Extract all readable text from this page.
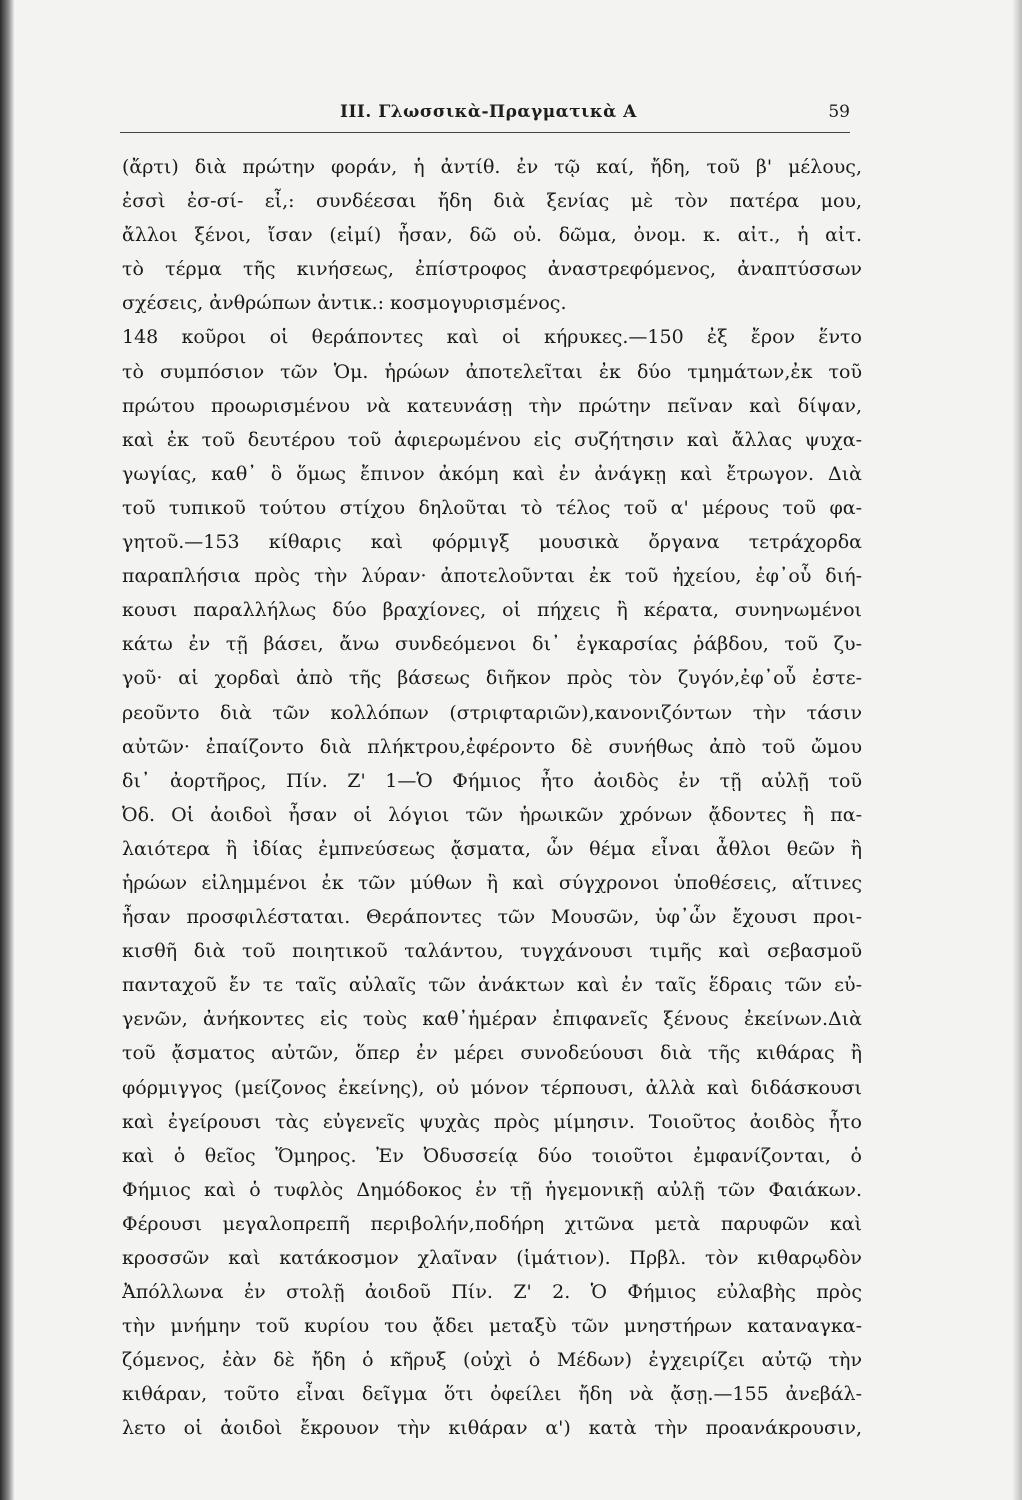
III. Γλωσσικὰ-Πραγματικὰ Α	59
(ἄρτι) διὰ πρώτην φοράν, ἡ ἀντίθ. ἐν τῷ καί, ἤδη, τοῦ β' μέλους,
ἐσσὶ ἐσ-σί- εἶ,: συνδέεσαι ἤδη διὰ ξενίας μὲ τὸν πατέρα μου,
ἄλλοι ξένοι, ἴσαν (εἰμί) ἦσαν, δῶ οὐ. δῶμα, ὀνομ. κ. αἰτ., ἡ αἰτ.
τὸ τέρμα τῆς κινήσεως, ἐπίστροφος ἀναστρεφόμενος, ἀναπτύσσων
σχέσεις, ἀνθρώπων ἀντικ.: κοσμογυρισμένος.
148 κοῦροι οἱ θεράποντες καὶ οἱ κήρυκες.—150 ἐξ ἔρον ἕντο
τὸ συμπόσιον τῶν Ὁμ. ἡρώων ἀποτελεῖται ἐκ δύο τμημάτων,ἐκ τοῦ
πρώτου προωρισμένου νὰ κατευνάσῃ τὴν πρώτην πεῖναν καὶ δίψαν,
καὶ ἐκ τοῦ δευτέρου τοῦ ἀφιερωμένου εἰς συζήτησιν καὶ ἄλλας ψυχα-
γωγίας, καθ᾽ ὃ ὅμως ἔπινον ἀκόμη καὶ ἐν ἀνάγκῃ καὶ ἔτρωγον. Διὰ
τοῦ τυπικοῦ τούτου στίχου δηλοῦται τὸ τέλος τοῦ α' μέρους τοῦ φα-
γητοῦ.—153 κίθαρις καὶ φόρμιγξ μουσικὰ ὄργανα τετράχορδα
παραπλήσια πρὸς τὴν λύραν· ἀποτελοῦνται ἐκ τοῦ ἠχείου, ἐφ᾽οὗ διή-
κουσι παραλλήλως δύο βραχίονες, οἱ πήχεις ἢ κέρατα, συνηνωμένοι
κάτω ἐν τῇ βάσει, ἄνω συνδεόμενοι δι᾽ ἐγκαρσίας ῥάβδου, τοῦ ζυ-
γοῦ· αἱ χορδαὶ ἀπὸ τῆς βάσεως διῆκον πρὸς τὸν ζυγόν,ἐφ᾽οὗ ἐστε-
ρεοῦντο διὰ τῶν κολλόπων (στριφταριῶν),κανονιζόντων τὴν τάσιν
αὐτῶν· ἐπαίζοντο διὰ πλήκτρου,ἐφέροντο δὲ συνήθως ἀπὸ τοῦ ὤμου
δι᾽ ἀορτῆρος, Πίν. Ζ' 1—Ὁ Φήμιος ἦτο ἀοιδὸς ἐν τῇ αὐλῇ τοῦ
Ὀδ. Οἱ ἀοιδοὶ ἦσαν οἱ λόγιοι τῶν ἡρωικῶν χρόνων ᾄδοντες ἢ πα-
λαιότερα ἢ ἰδίας ἐμπνεύσεως ᾄσματα, ὧν θέμα εἶναι ἆθλοι θεῶν ἢ
ἡρώων εἰλημμένοι ἐκ τῶν μύθων ἢ καὶ σύγχρονοι ὑποθέσεις, αἵτινες
ἦσαν προσφιλέσταται. Θεράποντες τῶν Μουσῶν, ὑφ᾽ὧν ἔχουσι προι-
κισθῆ διὰ τοῦ ποιητικοῦ ταλάντου, τυγχάνουσι τιμῆς καὶ σεβασμοῦ
πανταχοῦ ἔν τε ταῖς αὐλαῖς τῶν ἀνάκτων καὶ ἐν ταῖς ἕδραις τῶν εὐ-
γενῶν, ἀνήκοντες εἰς τοὺς καθ᾽ἡμέραν ἐπιφανεῖς ξένους ἐκείνων.Διὰ
τοῦ ᾄσματος αὐτῶν, ὅπερ ἐν μέρει συνοδεύουσι διὰ τῆς κιθάρας ἢ
φόρμιγγος (μείζονος ἐκείνης), οὐ μόνον τέρπουσι, ἀλλὰ καὶ διδάσκουσι
καὶ ἐγείρουσι τὰς εὐγενεῖς ψυχὰς πρὸς μίμησιν. Τοιοῦτος ἀοιδὸς ἦτο
καὶ ὁ θεῖος Ὅμηρος. Ἐν Ὀδυσσείᾳ δύο τοιοῦτοι ἐμφανίζονται, ὁ
Φήμιος καὶ ὁ τυφλὸς Δημόδοκος ἐν τῇ ἡγεμονικῇ αὐλῇ τῶν Φαιάκων.
Φέρουσι μεγαλοπρεπῆ περιβολήν,ποδήρη χιτῶνα μετὰ παρυφῶν καὶ
κροσσῶν καὶ κατάκοσμον χλαῖναν (ἱμάτιον). Πρβλ. τὸν κιθαρῳδὸν
Ἀπόλλωνα ἐν στολῇ ἀοιδοῦ Πίν. Ζ' 2. Ὁ Φήμιος εὐλαβὴς πρὸς
τὴν μνήμην τοῦ κυρίου του ᾄδει μεταξὺ τῶν μνηστήρων καταναγκα-
ζόμενος, ἐὰν δὲ ἤδη ὁ κῆρυξ (οὐχὶ ὁ Μέδων) ἐγχειρίζει αὐτῷ τὴν
κιθάραν, τοῦτο εἶναι δεῖγμα ὅτι ὀφείλει ἤδη νὰ ᾄσῃ.—155 ἀνεβάλ-
λετο οἱ ἀοιδοὶ ἔκρουον τὴν κιθάραν α') κατὰ τὴν προανάκρουσιν,
